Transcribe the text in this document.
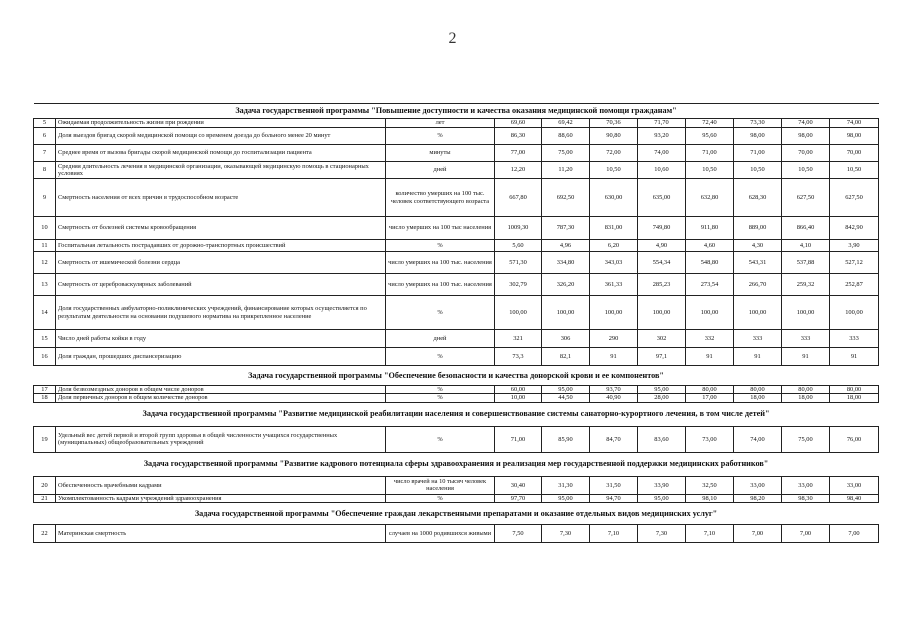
2
Задача государственной программы "Повышение доступности и качества оказания медицинской помощи гражданам"										
5	Ожидаемая продолжительность жизни при рождении	лет	69,60	69,42	70,36	71,70	72,40	73,30	74,00	74,00
6	Доля выездов бригад скорой медицинской помощи со временем доезда до больного менее 20 минут	%	86,30	88,60	90,80	93,20	95,60	98,00	98,00	98,00
7	Среднее время от вызова бригады скорой медицинской помощи до госпитализации пациента	минуты	77,00	75,00	72,00	74,00	71,00	71,00	70,00	70,00
8	Средняя длительность лечения в медицинской организации, оказывающей медицинскую помощь в стационарных условиях	дней	12,20	11,20	10,50	10,60	10,50	10,50	10,50	10,50
9	Смертность населения от всех причин в трудоспособном возрасте	количество умерших на 100 тыс. человек соответствующего возраста	667,80	692,50	630,00	635,00	632,80	628,30	627,50	627,50
10	Смертность от болезней системы кровообращения	число умерших на 100 тыс населения	1009,30	787,30	831,00	749,80	911,80	889,00	866,40	842,90
11	Госпитальная летальность пострадавших от дорожно-транспортных происшествий	%	5,60	4,96	6,20	4,90	4,60	4,30	4,10	3,90
12	Смертность от ишемической болезни сердца	число умерших на 100 тыс. населения	571,30	334,80	343,03	554,34	548,80	543,31	537,88	527,12
13	Смертность от цереброваскулярных заболеваний	число умерших на 100 тыс. населения	302,79	326,20	361,33	285,23	273,54	266,70	259,32	252,87
14	Доля государственных амбулаторно-поликлинических учреждений, финансирование которых осуществляется по результатам деятельности на основании подушевого норматива на прикрепленное население	%	100,00	100,00	100,00	100,00	100,00	100,00	100,00	100,00
15	Число дней работы койки в году	дней	321	306	290	302	332	333	333	333
16	Доля граждан, прошедших диспансеризацию	%	73,3	82,1	91	97,1	91	91	91	91
Задача государственной программы "Обеспечение безопасности и качества донорской крови и ее компонентов"										
17	Доля безвозмездных доноров в общем числе доноров	%	60,00	95,00	93,70	95,00	80,00	80,00	80,00	80,00
18	Доля первичных доноров в общем количестве доноров	%	10,00	44,50	40,90	28,00	17,00	18,00	18,00	18,00
Задача государственной программы "Развитие медицинской реабилитации населения и совершенствование системы санаторно-курортного лечения, в том числе детей"										
19	Удельный вес детей первой и второй групп здоровья в общей численности учащихся государственных (муниципальных) общеобразовательных учреждений	%	71,00	85,90	84,70	83,60	73,00	74,00	75,00	76,00
Задача государственной программы "Развитие кадрового потенциала сферы здравоохранения и реализация мер государственной поддержки медицинских работников"										
20	Обеспеченность врачебными кадрами	число врачей на 10 тысяч человек населения	30,40	31,30	31,50	33,90	32,50	33,00	33,00	33,00
21	Укомплектованность кадрами учреждений здравоохранения	%	97,70	95,00	94,70	95,00	98,10	98,20	98,30	98,40
Задача государственной программы "Обеспечение граждан лекарственными препаратами и оказание отдельных видов медицинских услуг"										
22	Материнская смертность	случаев на 1000 родившихся живыми	7,50	7,30	7,10	7,30	7,10	7,00	7,00	7,00
